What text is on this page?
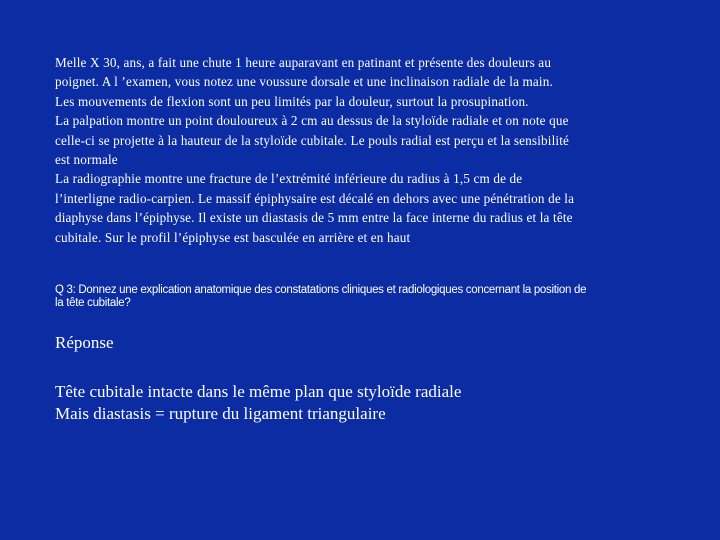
Melle X 30, ans, a fait une chute 1 heure auparavant en patinant et présente des douleurs au

poignet. A l ’examen, vous notez une voussure dorsale et une inclinaison radiale de la main.

Les mouvements de flexion sont un peu limités par la douleur, surtout la prosupination.

La palpation montre un point douloureux à 2 cm au dessus de la styloïde radiale et on note que

celle-ci se projette à la hauteur de la styloïde cubitale. Le pouls radial est perçu et la sensibilité

est normale

La radiographie montre une fracture de l’extrémité inférieure du radius à 1,5 cm de de

l’interligne radio-carpien. Le massif épiphysaire est décalé en dehors avec une pénétration de la

diaphyse dans l’épiphyse. Il existe un diastasis de 5 mm entre la face interne du radius et la tête

cubitale. Sur le profil l’épiphyse est basculée en arrière et en haut

Q 3: Donnez une explication anatomique des constatations cliniques et radiologiques concernant la position de
la tête cubitale?
Réponse

Tête cubitale intacte dans le même plan que styloïde radiale

Mais diastasis = rupture du ligament triangulaire
